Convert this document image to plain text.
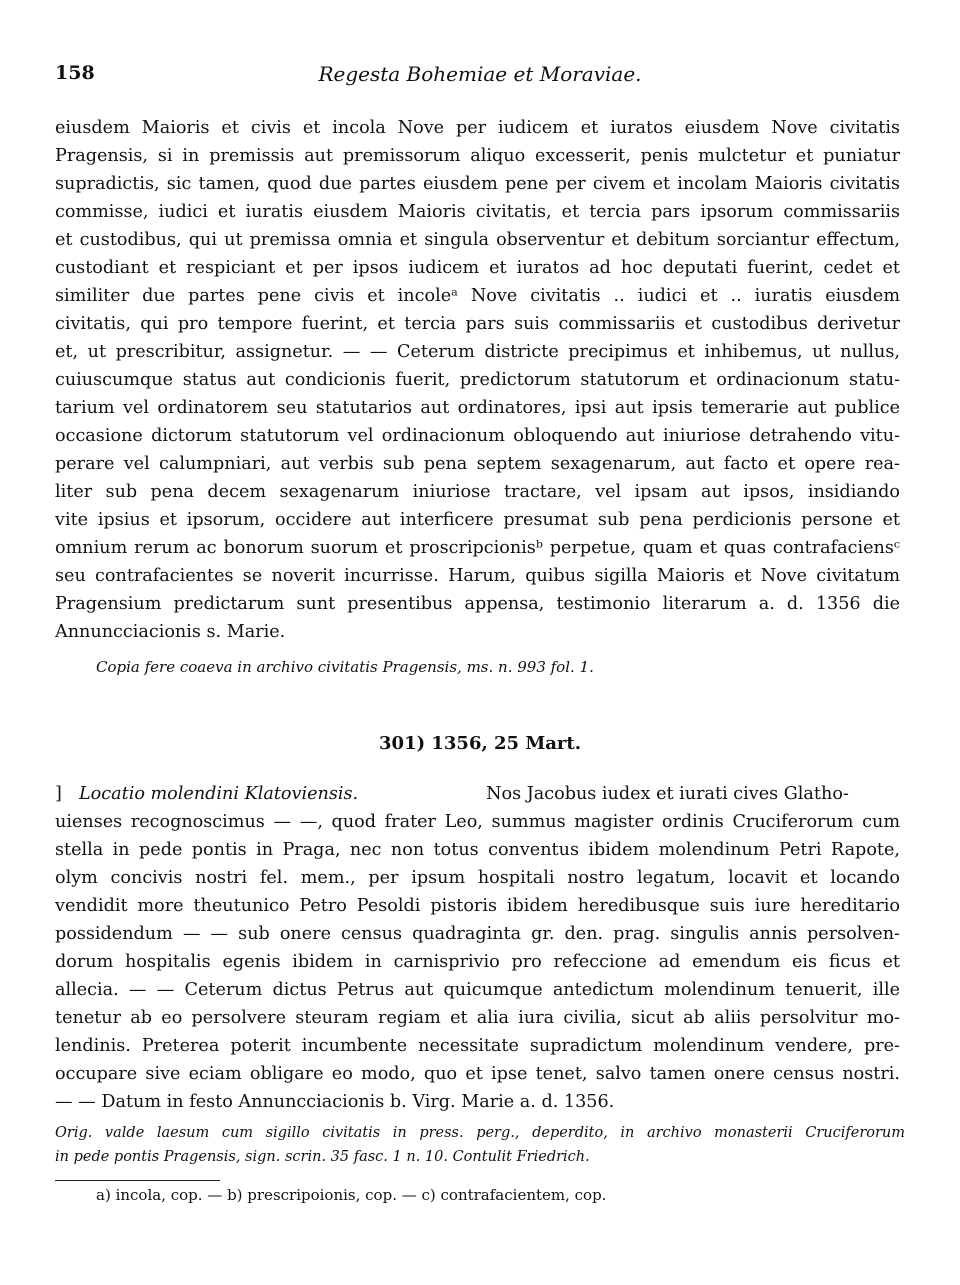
158	Regesta Bohemiae et Moraviae.
eiusdem Maioris et civis et incola Nove per iudicem et iuratos eiusdem Nove civitatis
Pragensis, si in premissis aut premissorum aliquo excesserit, penis mulctetur et puniatur
supradictis, sic tamen, quod due partes eiusdem pene per civem et incolam Maioris civitatis
commisse, iudici et iuratis eiusdem Maioris civitatis, et tercia pars ipsorum commissariis
et custodibus, qui ut premissa omnia et singula observentur et debitum sorciantur effectum,
custodiant et respiciant et per ipsos iudicem et iuratos ad hoc deputati fuerint, cedet et
similiter due partes pene civis et incoleᵃ Nove civitatis .. iudici et .. iuratis eiusdem
civitatis, qui pro tempore fuerint, et tercia pars suis commissariis et custodibus derivetur
et, ut prescribitur, assignetur. — — Ceterum districte precipimus et inhibemus, ut nullus,
cuiuscumque status aut condicionis fuerit, predictorum statutorum et ordinacionum statu-
tarium vel ordinatorem seu statutarios aut ordinatores, ipsi aut ipsis temerarie aut publice
occasione dictorum statutorum vel ordinacionum obloquendo aut iniuriose detrahendo vitu-
perare vel calumpniari, aut verbis sub pena septem sexagenarum, aut facto et opere rea-
liter sub pena decem sexagenarum iniuriose tractare, vel ipsam aut ipsos, insidiando
vite ipsius et ipsorum, occidere aut interficere presumat sub pena perdicionis persone et
omnium rerum ac bonorum suorum et proscripcionisᵇ perpetue, quam et quas contrafaciensᶜ
seu contrafacientes se noverit incurrisse. Harum, quibus sigilla Maioris et Nove civitatum
Pragensium predictarum sunt presentibus appensa, testimonio literarum a. d. 1356 die
Annuncciacionis s. Marie.
Copia fere coaeva in archivo civitatis Pragensis, ms. n. 993 fol. 1.
301) 1356, 25 Mart.
] Locatio molendini Klatoviensis.	Nos Jacobus iudex et iurati cives Glatho-
uienses recognoscimus — —, quod frater Leo, summus magister ordinis Cruciferorum cum
stella in pede pontis in Praga, nec non totus conventus ibidem molendinum Petri Rapote,
olym concivis nostri fel. mem., per ipsum hospitali nostro legatum, locavit et locando
vendidit more theutunico Petro Pesoldi pistoris ibidem heredibusque suis iure hereditario
possidendum — — sub onere census quadraginta gr. den. prag. singulis annis persolven-
dorum hospitalis egenis ibidem in carnisprivio pro refeccione ad emendum eis ficus et
allecia. — — Ceterum dictus Petrus aut quicumque antedictum molendinum tenuerit, ille
tenetur ab eo persolvere steuram regiam et alia iura civilia, sicut ab aliis persolvitur mo-
lendinis. Preterea poterit incumbente necessitate supradictum molendinum vendere, pre-
occupare sive eciam obligare eo modo, quo et ipse tenet, salvo tamen onere census nostri.
— — Datum in festo Annuncciacionis b. Virg. Marie a. d. 1356.
Orig. valde laesum cum sigillo civitatis in press. perg., deperdito, in archivo monasterii Cruciferorum
in pede pontis Pragensis, sign. scrin. 35 fasc. 1 n. 10. Contulit Friedrich.
a) incola, cop. — b) prescripoionis, cop. — c) contrafacientem, cop.
